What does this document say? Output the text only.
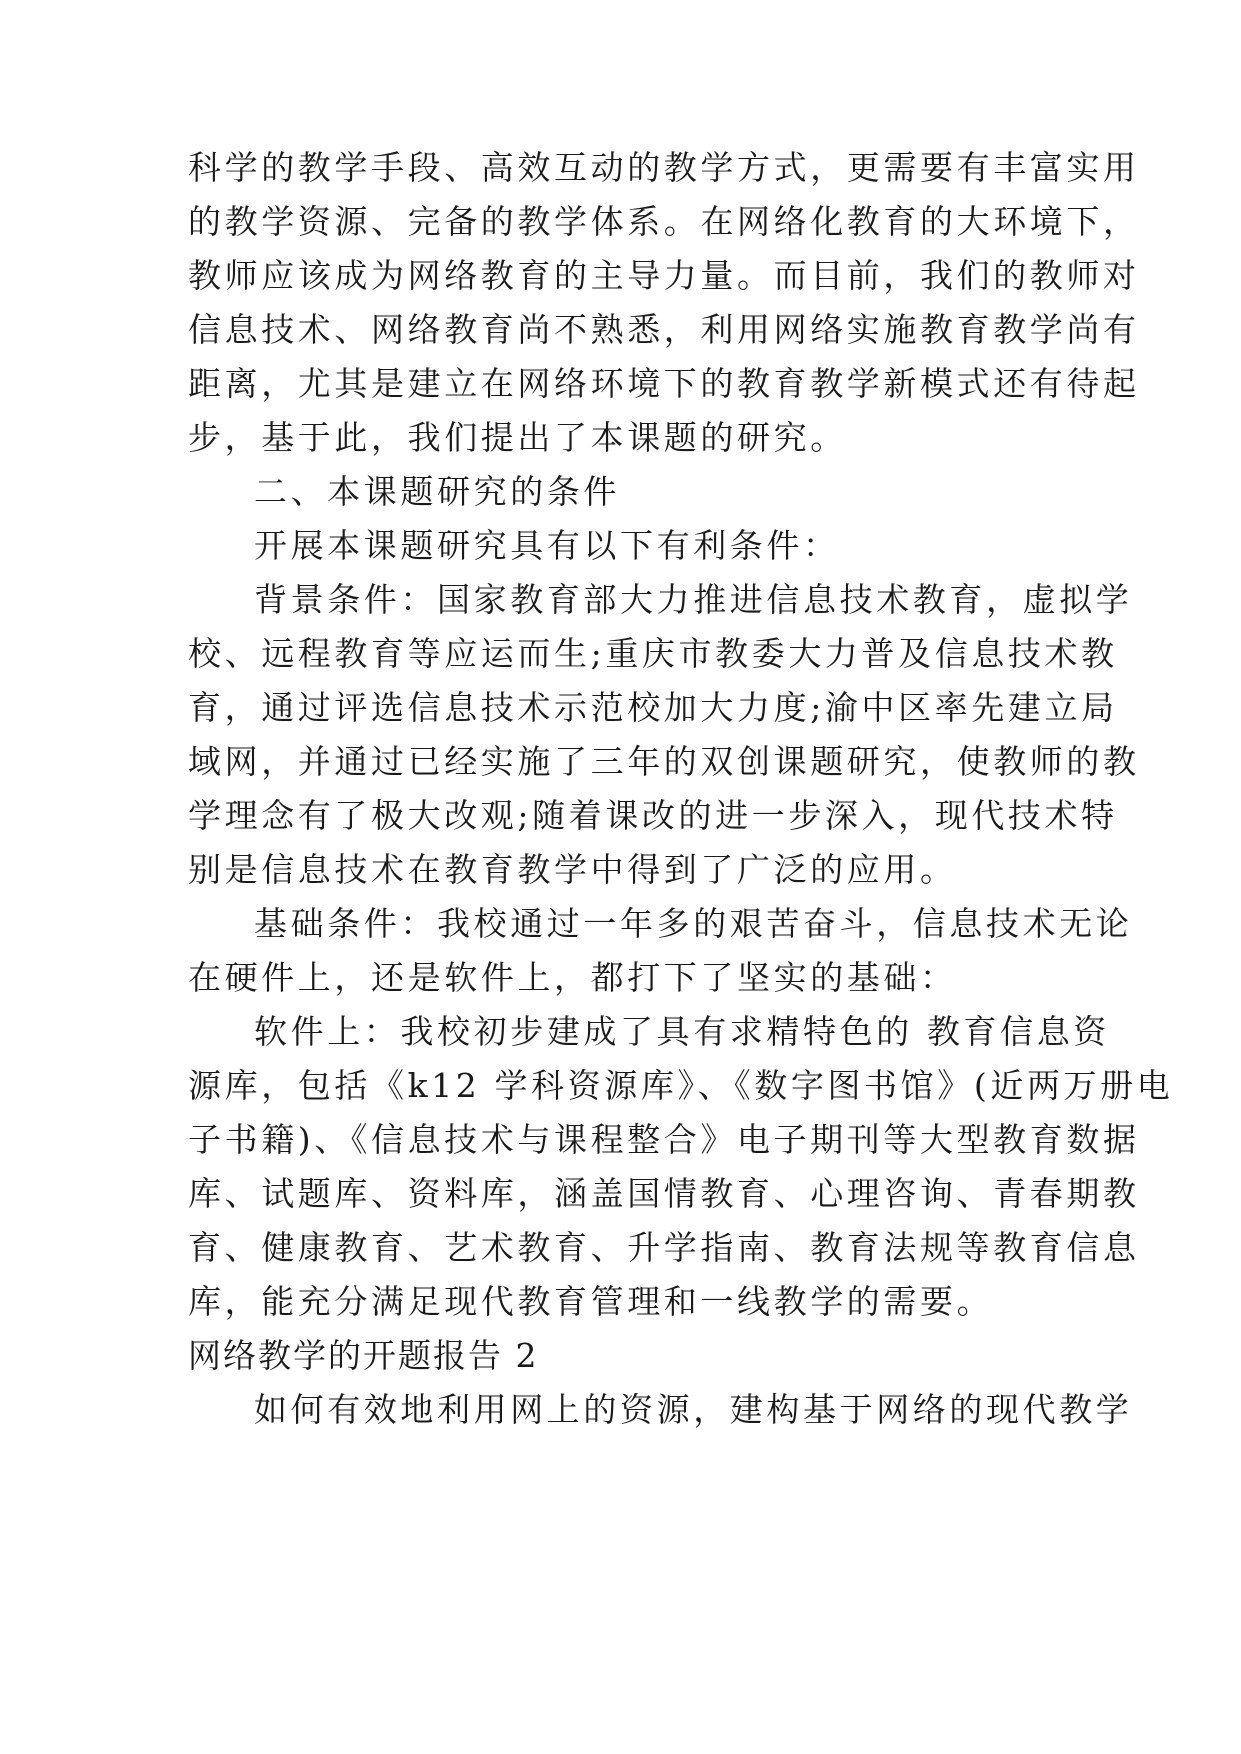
科学的教学手段、高效互动的教学方式，更需要有丰富实用
的教学资源、完备的教学体系。在网络化教育的大环境下，
教师应该成为网络教育的主导力量。而目前，我们的教师对
信息技术、网络教育尚不熟悉，利用网络实施教育教学尚有
距离，尤其是建立在网络环境下的教育教学新模式还有待起
步，基于此，我们提出了本课题的研究。
二、本课题研究的条件
开展本课题研究具有以下有利条件：
背景条件：国家教育部大力推进信息技术教育，虚拟学
校、远程教育等应运而生;重庆市教委大力普及信息技术教
育，通过评选信息技术示范校加大力度;渝中区率先建立局
域网，并通过已经实施了三年的双创课题研究，使教师的教
学理念有了极大改观;随着课改的进一步深入，现代技术特
别是信息技术在教育教学中得到了广泛的应用。
基础条件：我校通过一年多的艰苦奋斗，信息技术无论
在硬件上，还是软件上，都打下了坚实的基础：
软件上：我校初步建成了具有求精特色的 教育信息资
源库，包括《k12 学科资源库》、《数字图书馆》(近两万册电
子书籍)、《信息技术与课程整合》电子期刊等大型教育数据
库、试题库、资料库，涵盖国情教育、心理咨询、青春期教
育、健康教育、艺术教育、升学指南、教育法规等教育信息
库，能充分满足现代教育管理和一线教学的需要。
网络教学的开题报告 2
如何有效地利用网上的资源，建构基于网络的现代教学
